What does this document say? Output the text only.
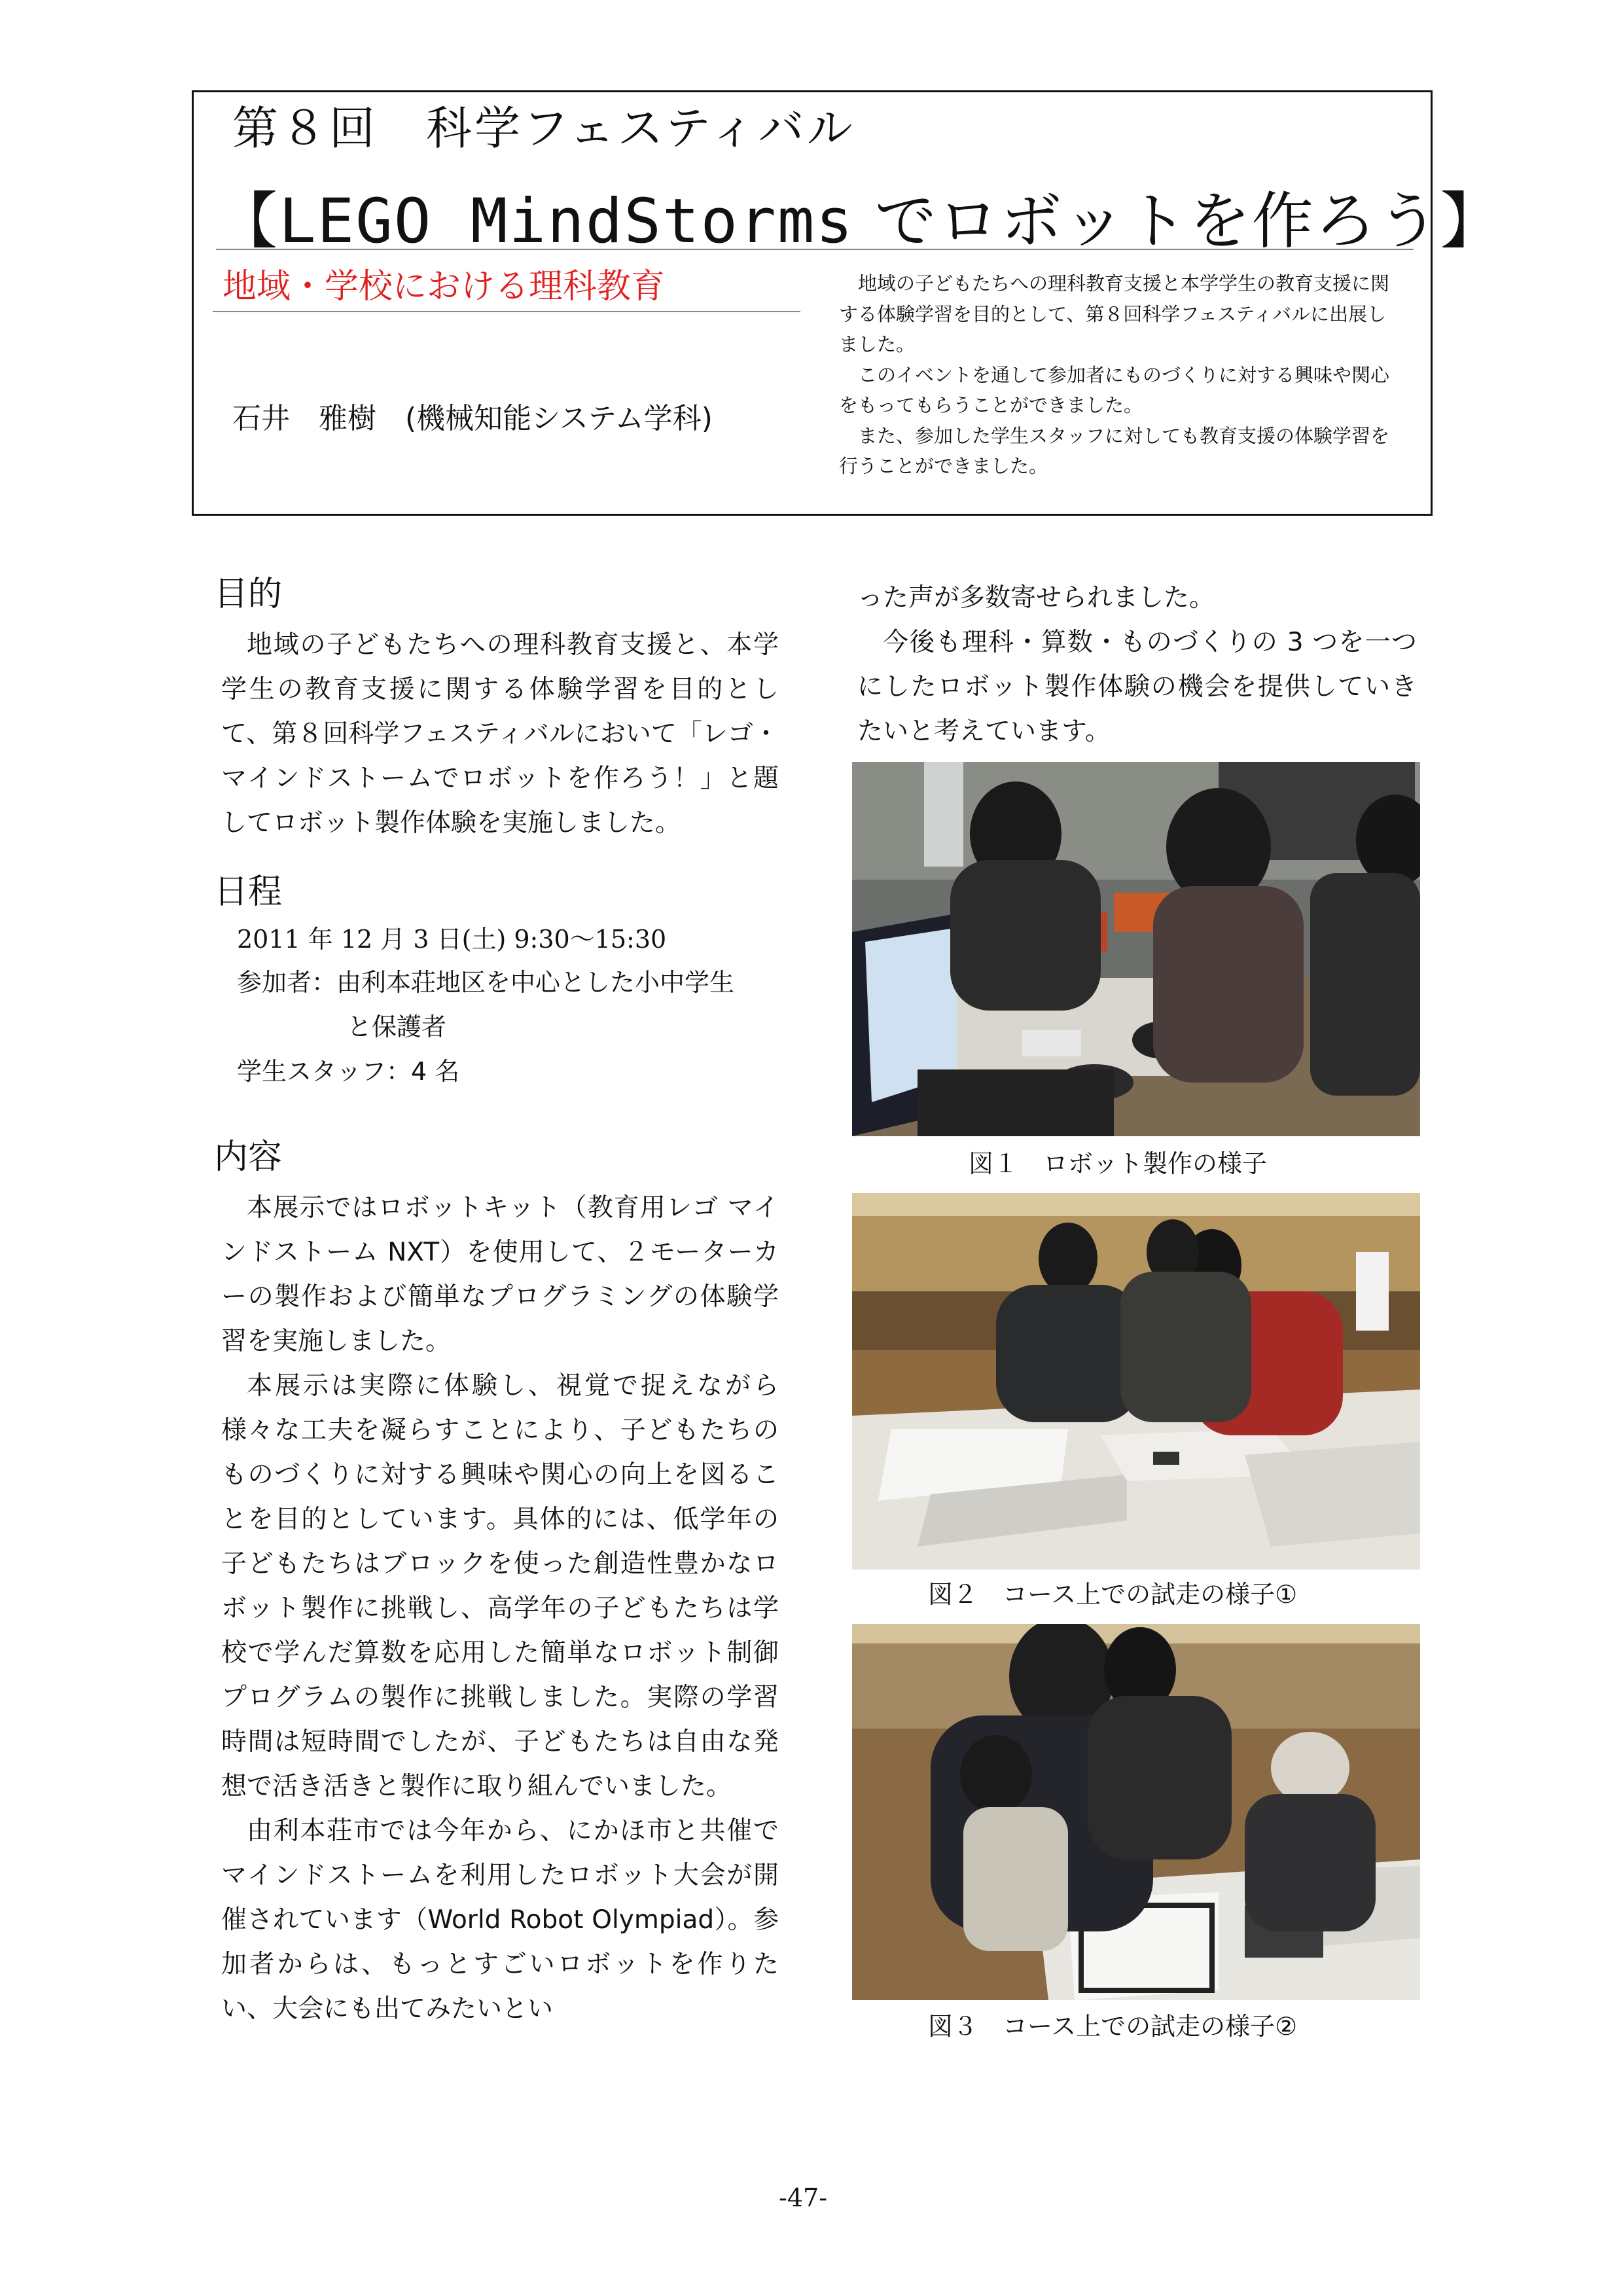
第８回　科学フェスティバル
【LEGO MindStorms でロボットを作ろう】
地域・学校における理科教育
石井　雅樹　(機械知能システム学科)

地域の子どもたちへの理科教育支援と本学学生の教育支援に関する体験学習を目的として、第８回科学フェスティバルに出展しました。

このイベントを通して参加者にものづくりに対する興味や関心をもってもらうことができました。

また、参加した学生スタッフに対しても教育支援の体験学習を行うことができました。

目的

地域の子どもたちへの理科教育支援と、本学学生の教育支援に関する体験学習を目的として、第８回科学フェスティバルにおいて「レゴ・マインドストームでロボットを作ろう！」と題してロボット製作体験を実施しました。

日程
2011 年 12 月 3 日(土) 9:30～15:30
参加者：由利本荘地区を中心とした小中学生
と保護者
学生スタッフ：4 名
内容

本展示ではロボットキット（教育用レゴ マインドストーム NXT）を使用して、２モーターカーの製作および簡単なプログラミングの体験学習を実施しました。

本展示は実際に体験し、視覚で捉えながら様々な工夫を凝らすことにより、子どもたちのものづくりに対する興味や関心の向上を図ることを目的としています。具体的には、低学年の子どもたちはブロックを使った創造性豊かなロボット製作に挑戦し、高学年の子どもたちは学校で学んだ算数を応用した簡単なロボット制御プログラムの製作に挑戦しました。実際の学習時間は短時間でしたが、子どもたちは自由な発想で活き活きと製作に取り組んでいました。

由利本荘市では今年から、にかほ市と共催でマインドストームを利用したロボット大会が開催されています（World Robot Olympiad）。参加者からは、もっとすごいロボットを作りたい、大会にも出てみたいとい

った声が多数寄せられました。

今後も理科・算数・ものづくりの 3 つを一つにしたロボット製作体験の機会を提供していきたいと考えています。

図１　ロボット製作の様子
図２　コース上での試走の様子①
図３　コース上での試走の様子②
-47-
